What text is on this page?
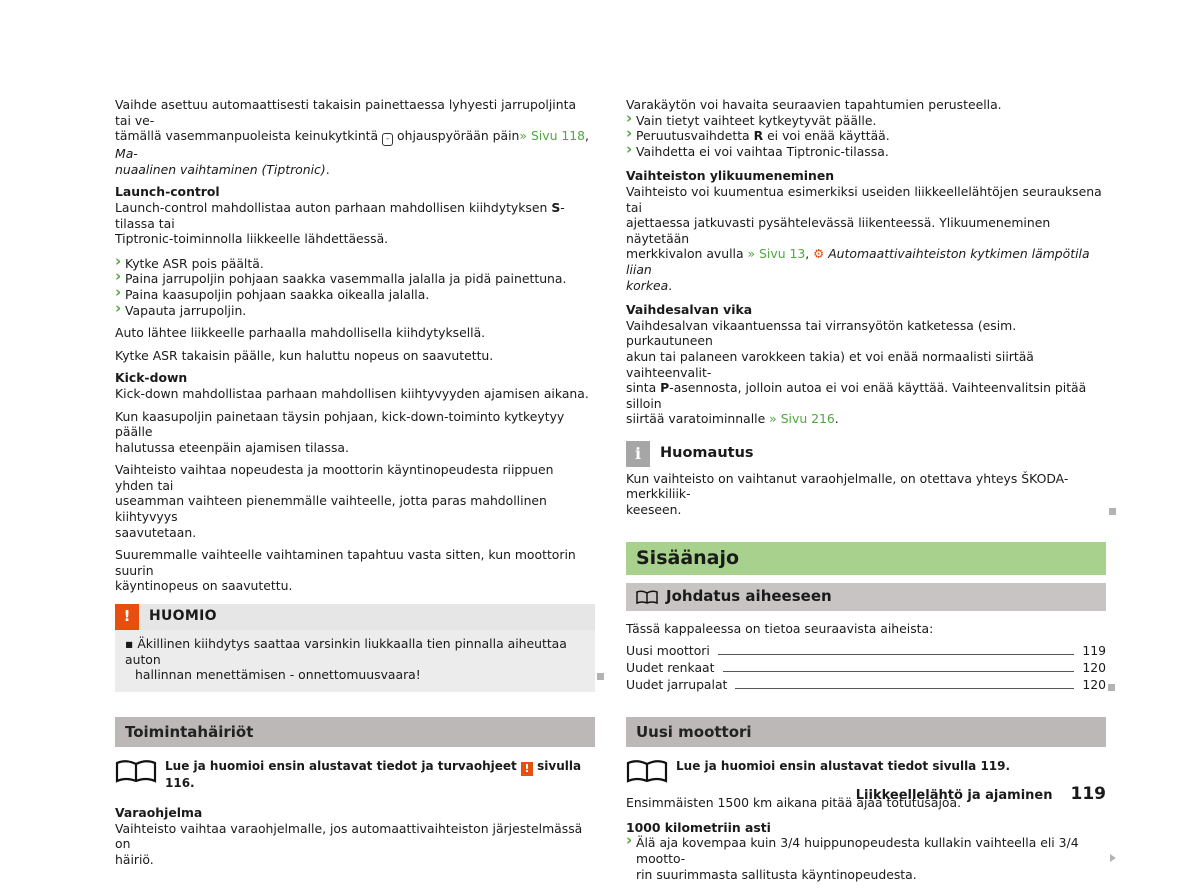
Vaihde asettuu automaattisesti takaisin painettaessa lyhyesti jarrupoljinta tai ve-
tämällä vasemmanpuoleista keinukytkintä - ohjauspyörään päin» Sivu 118, Ma-
nuaalinen vaihtaminen (Tiptronic).

Launch-control

Launch-control mahdollistaa auton parhaan mahdollisen kiihdytyksen S-tilassa tai
Tiptronic-toiminnolla liikkeelle lähdettäessä.

› Kytke ASR pois päältä.
› Paina jarrupoljin pohjaan saakka vasemmalla jalalla ja pidä painettuna.
› Paina kaasupoljin pohjaan saakka oikealla jalalla.
› Vapauta jarrupoljin.

Auto lähtee liikkeelle parhaalla mahdollisella kiihdytyksellä.

Kytke ASR takaisin päälle, kun haluttu nopeus on saavutettu.

Kick-down

Kick-down mahdollistaa parhaan mahdollisen kiihtyvyyden ajamisen aikana.

Kun kaasupoljin painetaan täysin pohjaan, kick-down-toiminto kytkeytyy päälle
halutussa eteenpäin ajamisen tilassa.

Vaihteisto vaihtaa nopeudesta ja moottorin käyntinopeudesta riippuen yhden tai
useamman vaihteen pienemmälle vaihteelle, jotta paras mahdollinen kiihtyvyys
saavutetaan.

Suuremmalle vaihteelle vaihtaminen tapahtuu vasta sitten, kun moottorin suurin
käyntinopeus on saavutettu.

!	HUOMIO
▪ Äkillinen kiihdytys saattaa varsinkin liukkaalla tien pinnalla aiheuttaa auton
hallinnan menettämisen - onnettomuusvaara!
Toimintahäiriöt
Lue ja huomioi ensin alustavat tiedot ja turvaohjeet ! sivulla 116.

Varaohjelma

Vaihteisto vaihtaa varaohjelmalle, jos automaattivaihteiston järjestelmässä on
häiriö.

Varakäytön voi havaita seuraavien tapahtumien perusteella.

› Vain tietyt vaihteet kytkeytyvät päälle.
› Peruutusvaihdetta R ei voi enää käyttää.
› Vaihdetta ei voi vaihtaa Tiptronic-tilassa.

Vaihteiston ylikuumeneminen

Vaihteisto voi kuumentua esimerkiksi useiden liikkeellelähtöjen seurauksena tai
ajettaessa jatkuvasti pysähtelevässä liikenteessä. Ylikuumeneminen näytetään
merkkivalon avulla » Sivu 13, ⚙ Automaattivaihteiston kytkimen lämpötila liian
korkea.

Vaihdesalvan vika

Vaihdesalvan vikaantuenssa tai virransyötön katketessa (esim. purkautuneen
akun tai palaneen varokkeen takia) et voi enää normaalisti siirtää vaihteenvalit-
sinta P-asennosta, jolloin autoa ei voi enää käyttää. Vaihteenvalitsin pitää silloin
siirtää varatoiminnalle » Sivu 216.

i	Huomautus

Kun vaihteisto on vaihtanut varaohjelmalle, on otettava yhteys ŠKODA-merkkiliik-
keeseen.

Sisäänajo
Johdatus aiheeseen

Tässä kappaleessa on tietoa seuraavista aiheista:

Uusi moottori	119
Uudet renkaat	120
Uudet jarrupalat	120
Uusi moottori
Lue ja huomioi ensin alustavat tiedot sivulla 119.

Ensimmäisten 1500 km aikana pitää ajaa totutusajoa.

1000 kilometriin asti

› Älä aja kovempaa kuin 3/4 huippunopeudesta kullakin vaihteella eli 3/4 mootto-
rin suurimmasta sallitusta käyntinopeudesta.
Liikkeellelähtö ja ajaminen 119
